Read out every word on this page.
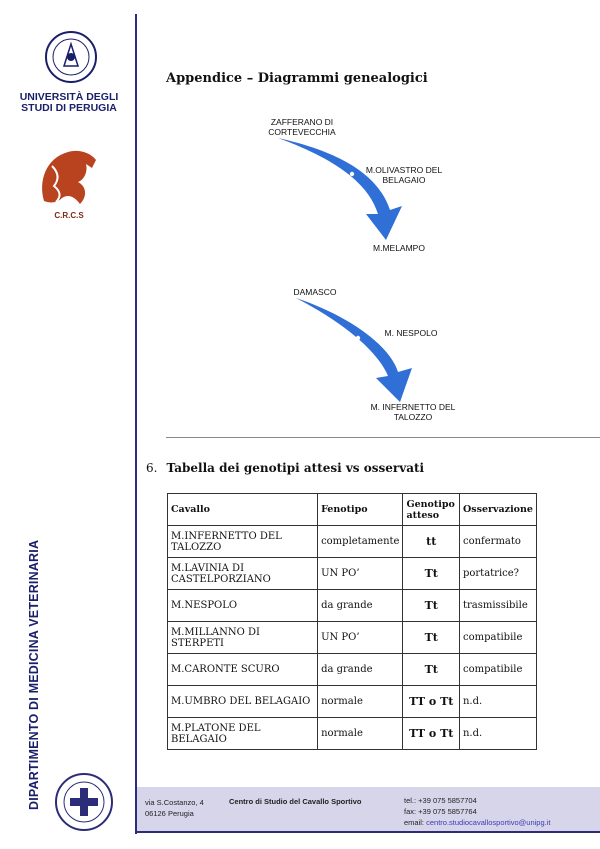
UNIVERSITÀ DEGLI STUDI DI PERUGIA
C.R.C.S
DIPARTIMENTO DI MEDICINA VETERINARIA
Appendice – Diagrammi genealogici
ZAFFERANO DI CORTEVECCHIA
M.OLIVASTRO DEL BELAGAIO
M.MELAMPO
DAMASCO
M. NESPOLO
M. INFERNETTO DEL TALOZZO
6. Tabella dei genotipi attesi vs osservati
Cavallo	Fenotipo	Genotipo atteso	Osservazione
M.INFERNETTO DEL TALOZZO	completamente	tt	confermato
M.LAVINIA DI CASTELPORZIANO	UN PO’	Tt	portatrice?
M.NESPOLO	da grande	Tt	trasmissibile
M.MILLANNO DI STERPETI	UN PO’	Tt	compatibile
M.CARONTE SCURO	da grande	Tt	compatibile
M.UMBRO DEL BELAGAIO	normale	TT o Tt	n.d.
M.PLATONE DEL BELAGAIO	normale	TT o Tt	n.d.
via S.Costanzo, 4
06126 Perugia
Centro di Studio del Cavallo Sportivo	tel.: +39 075 5857704
fax: +39 075 5857764
email: centro.studiocavallosportivo@unipg.it
